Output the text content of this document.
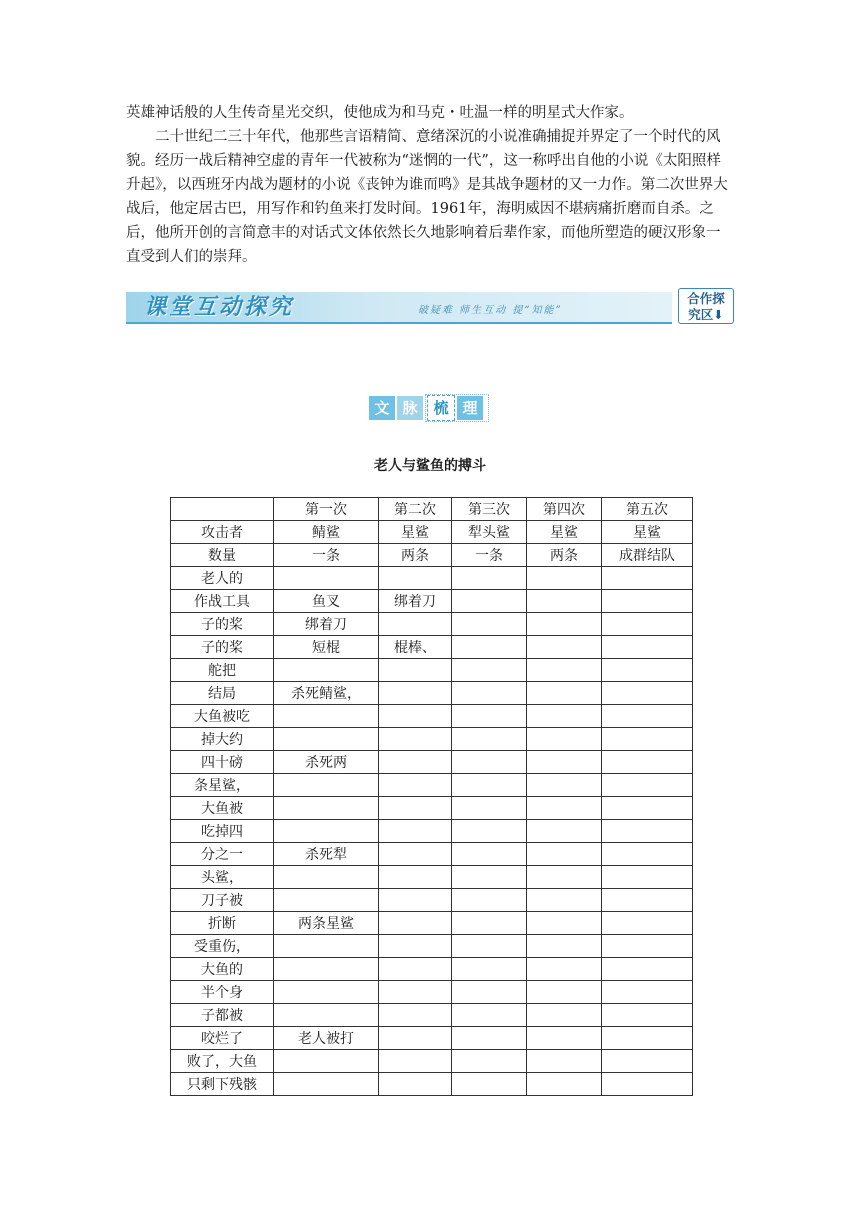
英雄神话般的人生传奇星光交织，使他成为和马克・吐温一样的明星式大作家。

二十世纪二三十年代，他那些言语精简、意绪深沉的小说准确捕捉并界定了一个时代的风貌。经历一战后精神空虚的青年一代被称为“迷惘的一代”，这一称呼出自他的小说《太阳照样升起》，以西班牙内战为题材的小说《丧钟为谁而鸣》是其战争题材的又一力作。第二次世界大战后，他定居古巴，用写作和钓鱼来打发时间。1961年，海明威因不堪病痛折磨而自杀。之后，他所开创的言简意丰的对话式文体依然长久地影响着后辈作家，而他所塑造的硬汉形象一直受到人们的崇拜。

课堂互动探究	破疑难 师生互动 提“知能”
合作探
究区⬇
文 脉	梳 理
老人与鲨鱼的搏斗
	第一次	第二次	第三次	第四次	第五次
攻击者	鲭鲨	星鲨	犁头鲨	星鲨	星鲨
数量	一条	两条	一条	两条	成群结队
老人的					
作战工具	鱼叉	绑着刀			
子的桨	绑着刀				
子的桨	短棍	棍棒、			
舵把					
结局	杀死鲭鲨，				
大鱼被吃					
掉大约					
四十磅	杀死两				
条星鲨，					
大鱼被					
吃掉四					
分之一	杀死犁				
头鲨，					
刀子被					
折断	两条星鲨				
受重伤，					
大鱼的					
半个身					
子都被					
咬烂了	老人被打				
败了，大鱼					
只剩下残骸					
